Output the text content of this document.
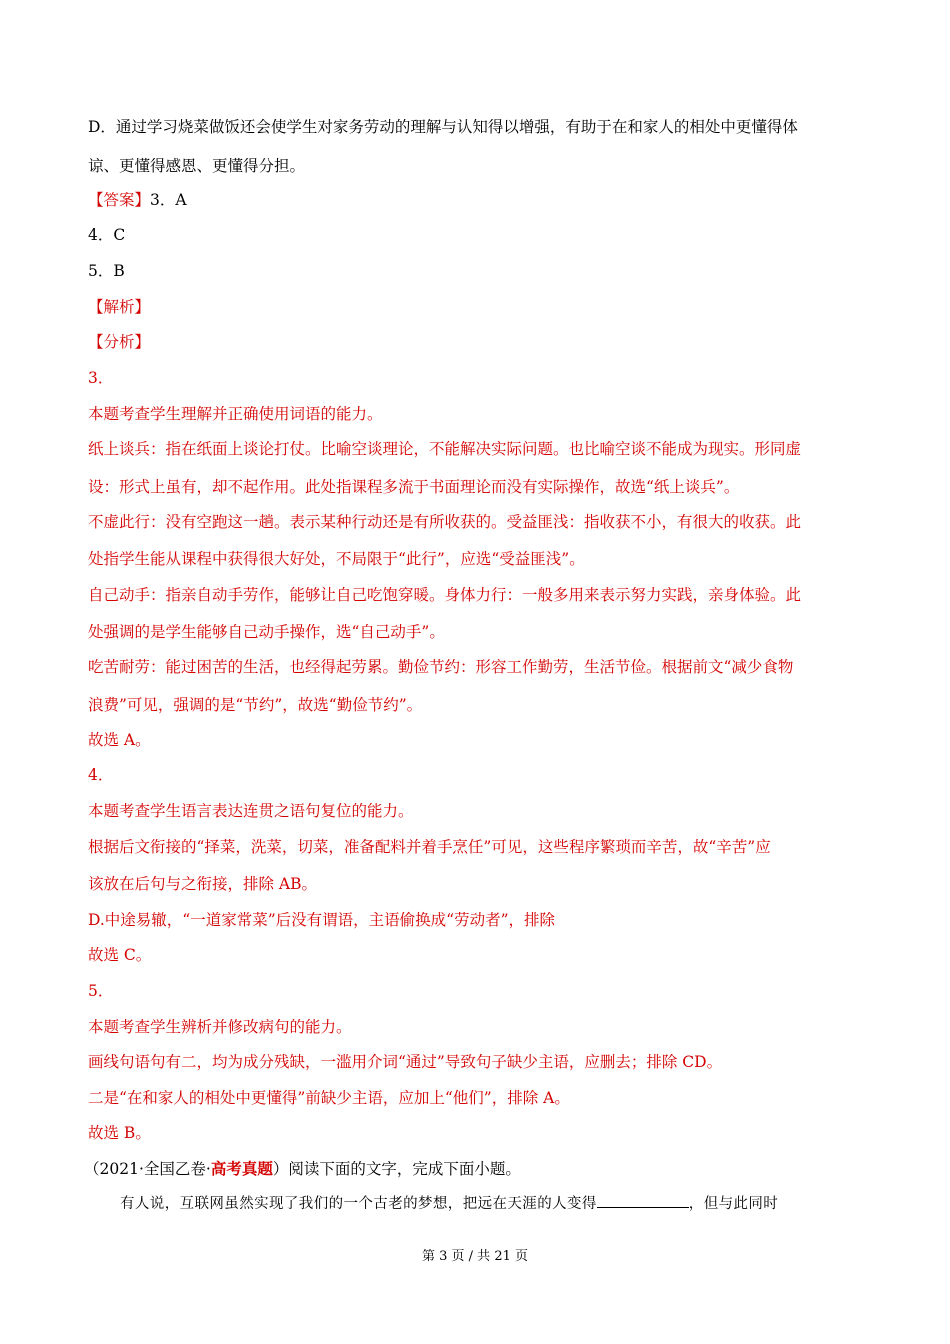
D．通过学习烧菜做饭还会使学生对家务劳动的理解与认知得以增强，有助于在和家人的相处中更懂得体
谅、更懂得感恩、更懂得分担。
【答案】3．A
4．C
5．B
【解析】
【分析】
3．
本题考查学生理解并正确使用词语的能力。
纸上谈兵：指在纸面上谈论打仗。比喻空谈理论，不能解决实际问题。也比喻空谈不能成为现实。形同虚
设：形式上虽有，却不起作用。此处指课程多流于书面理论而没有实际操作，故选“纸上谈兵”。
不虚此行：没有空跑这一趟。表示某种行动还是有所收获的。受益匪浅：指收获不小，有很大的收获。此
处指学生能从课程中获得很大好处，不局限于“此行”，应选“受益匪浅”。
自己动手：指亲自动手劳作，能够让自己吃饱穿暖。身体力行：一般多用来表示努力实践，亲身体验。此
处强调的是学生能够自己动手操作，选“自己动手”。
吃苦耐劳：能过困苦的生活，也经得起劳累。勤俭节约：形容工作勤劳，生活节俭。根据前文“减少食物
浪费”可见，强调的是“节约”，故选“勤俭节约”。
故选 A。
4．
本题考查学生语言表达连贯之语句复位的能力。
根据后文衔接的“择菜，洗菜，切菜，准备配料并着手烹任”可见，这些程序繁琐而辛苦，故“辛苦”应
该放在后句与之衔接，排除 AB。
D.中途易辙，“一道家常菜”后没有谓语，主语偷换成“劳动者”，排除
故选 C。
5．
本题考查学生辨析并修改病句的能力。
画线句语句有二，均为成分残缺，一滥用介词“通过”导致句子缺少主语，应删去；排除 CD。
二是“在和家人的相处中更懂得”前缺少主语，应加上“他们”，排除 A。
故选 B。
（2021·全国乙卷·高考真题）阅读下面的文字，完成下面小题。
有人说，互联网虽然实现了我们的一个古老的梦想，把远在天涯的人变得	，但与此同时
第 3 页 / 共 21 页
